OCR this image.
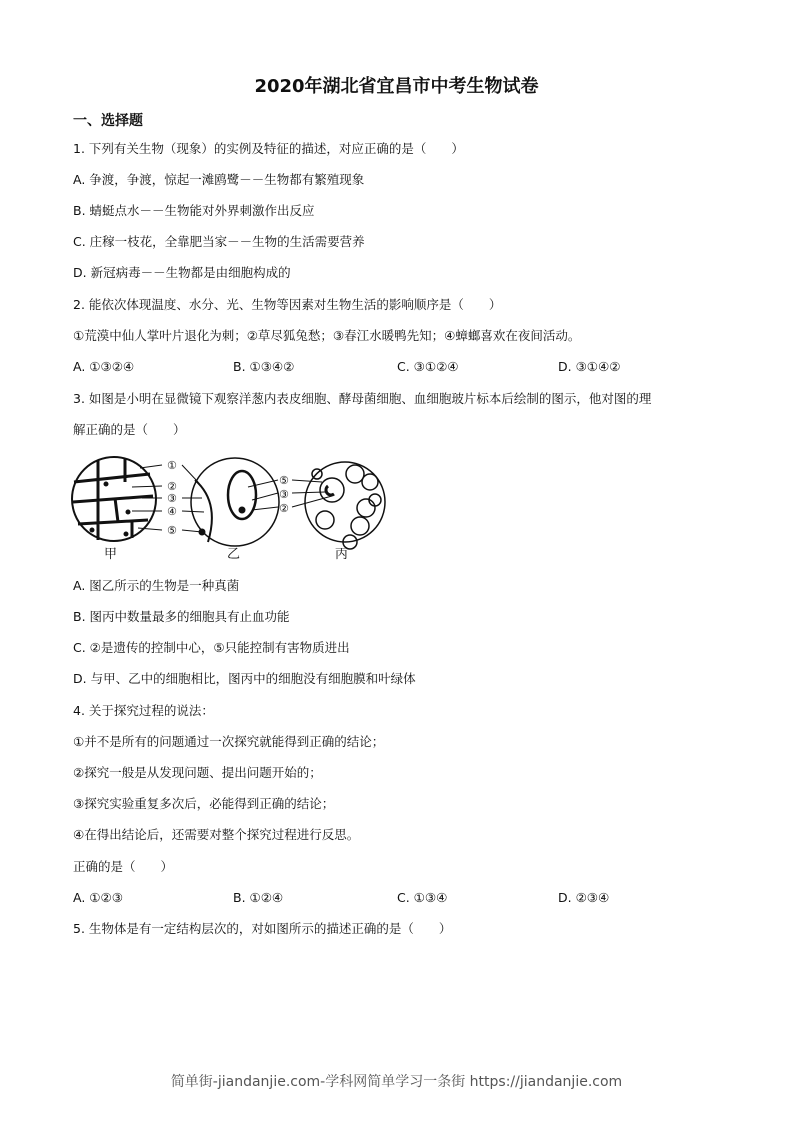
2020年湖北省宜昌市中考生物试卷
一、选择题
1. 下列有关生物（现象）的实例及特征的描述，对应正确的是（　　）
A. 争渡，争渡，惊起一滩鸥鹭－－生物都有繁殖现象
B. 蜻蜓点水－－生物能对外界刺激作出反应
C. 庄稼一枝花，全靠肥当家－－生物的生活需要营养
D. 新冠病毒－－生物都是由细胞构成的
2. 能依次体现温度、水分、光、生物等因素对生物生活的影响顺序是（　　）
①荒漠中仙人掌叶片退化为刺；②草尽狐兔愁；③春江水暖鸭先知；④蟑螂喜欢在夜间活动。
A. ①③②④	B. ①③④②	C. ③①②④	D. ③①④②
3. 如图是小明在显微镜下观察洋葱内表皮细胞、酵母菌细胞、血细胞玻片标本后绘制的图示，他对图的理
解正确的是（　　）
①
②
③
④
⑤
⑤
③
②
甲	乙	丙
A. 图乙所示的生物是一种真菌
B. 图丙中数量最多的细胞具有止血功能
C. ②是遗传的控制中心，⑤只能控制有害物质进出
D. 与甲、乙中的细胞相比，图丙中的细胞没有细胞膜和叶绿体
4. 关于探究过程的说法：
①并不是所有的问题通过一次探究就能得到正确的结论；
②探究一般是从发现问题、提出问题开始的；
③探究实验重复多次后，必能得到正确的结论；
④在得出结论后，还需要对整个探究过程进行反思。
正确的是（　　）
A. ①②③	B. ①②④	C. ①③④	D. ②③④
5. 生物体是有一定结构层次的，对如图所示的描述正确的是（　　）
简单街-jiandanjie.com-学科网简单学习一条街 https://jiandanjie.com
